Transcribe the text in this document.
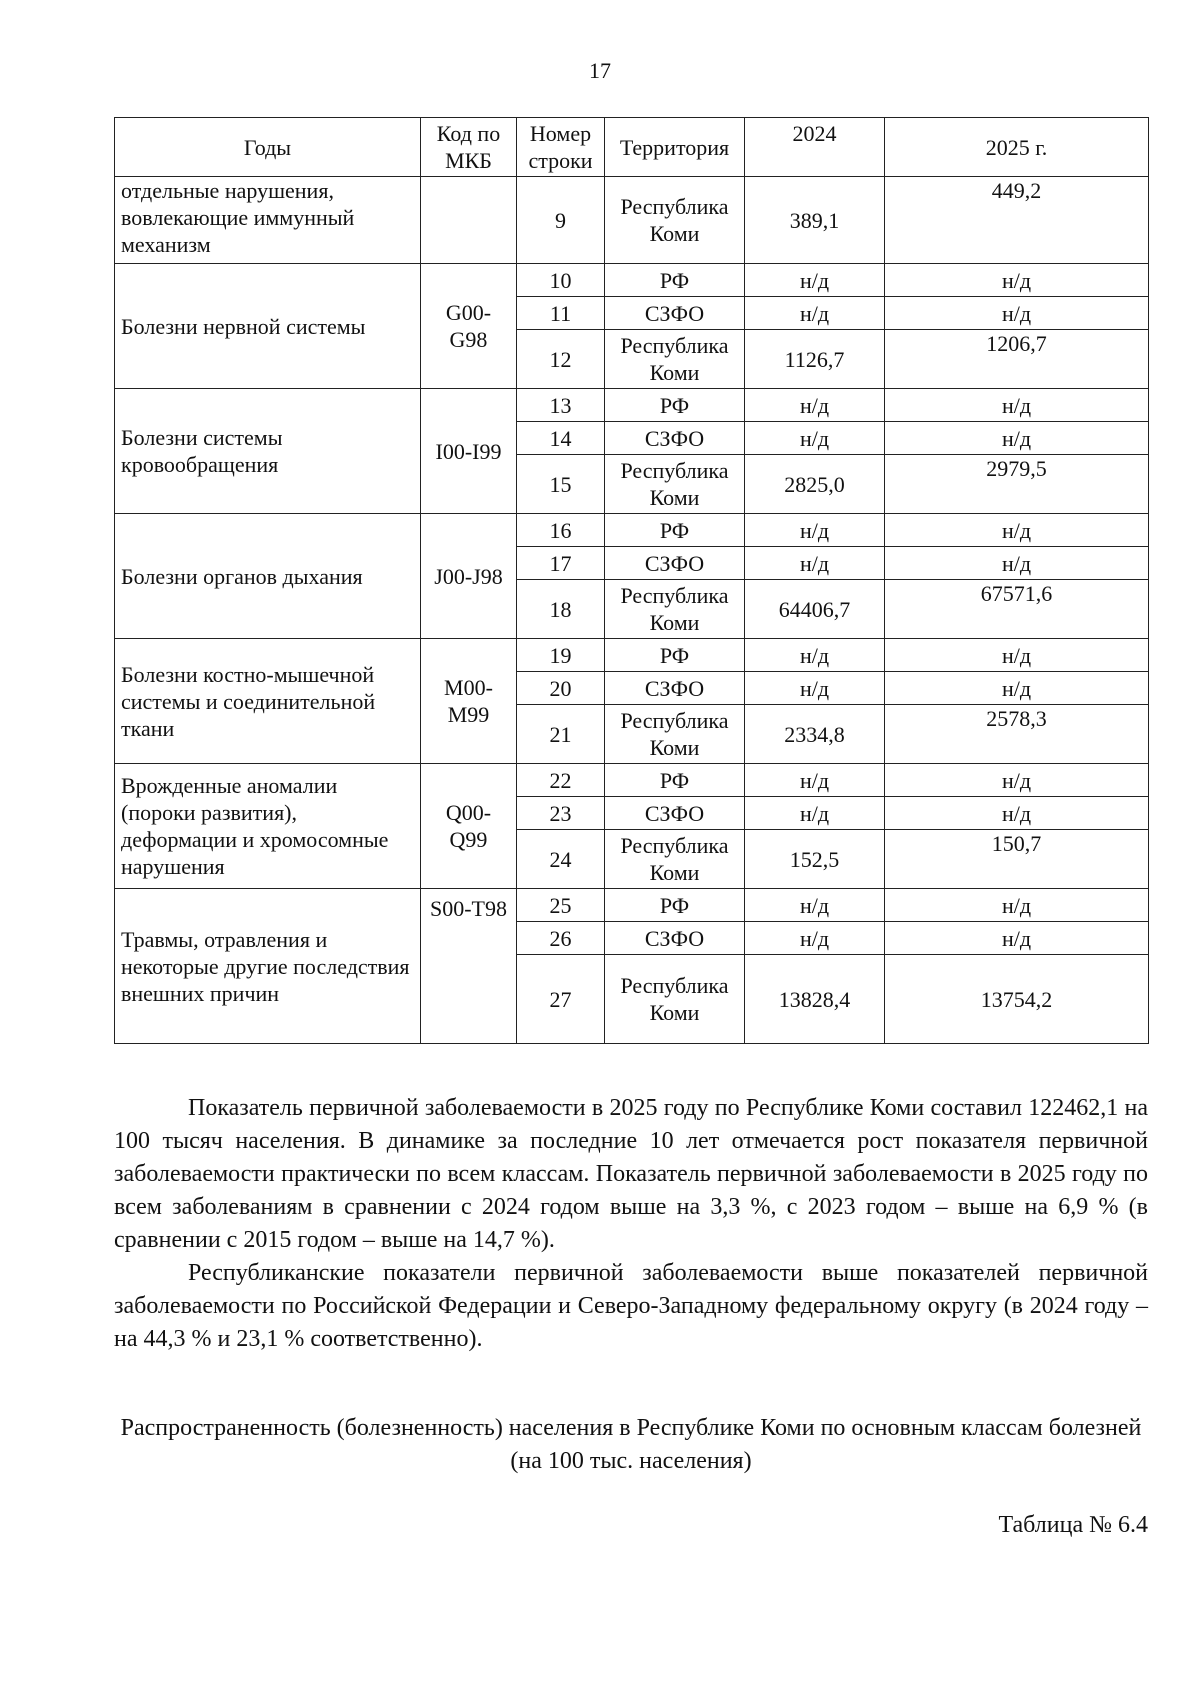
17
Годы	Код по МКБ	Номер строки	Территория	2024	2025 г.
отдельные нарушения, вовлекающие иммунный механизм		9	Республика Коми	389,1	449,2
Болезни нервной системы	G00-G98	10	РФ	н/д	н/д
		11	СЗФО	н/д	н/д
		12	Республика Коми	1126,7	1206,7
Болезни системы кровообращения	I00-I99	13	РФ	н/д	н/д
		14	СЗФО	н/д	н/д
		15	Республика Коми	2825,0	2979,5
Болезни органов дыхания	J00-J98	16	РФ	н/д	н/д
		17	СЗФО	н/д	н/д
		18	Республика Коми	64406,7	67571,6
Болезни костно-мышечной системы и соединительной ткани	M00-M99	19	РФ	н/д	н/д
		20	СЗФО	н/д	н/д
		21	Республика Коми	2334,8	2578,3
Врожденные аномалии (пороки развития), деформации и хромосомные нарушения	Q00-Q99	22	РФ	н/д	н/д
		23	СЗФО	н/д	н/д
		24	Республика Коми	152,5	150,7
Травмы, отравления и некоторые другие последствия внешних причин	S00-T98	25	РФ	н/д	н/д
		26	СЗФО	н/д	н/д
		27	Республика Коми	13828,4	13754,2

Показатель первичной заболеваемости в 2025 году по Республике Коми составил 122462,1 на 100 тысяч населения. В динамике за последние 10 лет отмечается рост показателя первичной заболеваемости практически по всем классам. Показатель первичной заболеваемости в 2025 году по всем заболеваниям в сравнении с 2024 годом выше на 3,3 %, с 2023 годом – выше на 6,9 % (в сравнении с 2015 годом – выше на 14,7 %).

Республиканские показатели первичной заболеваемости выше показателей первичной заболеваемости по Российской Федерации и Северо-Западному федеральному округу (в 2024 году – на 44,3 % и 23,1 % соответственно).

Распространенность (болезненность) населения в Республике Коми по основным классам болезней (на 100 тыс. населения)
Таблица № 6.4
